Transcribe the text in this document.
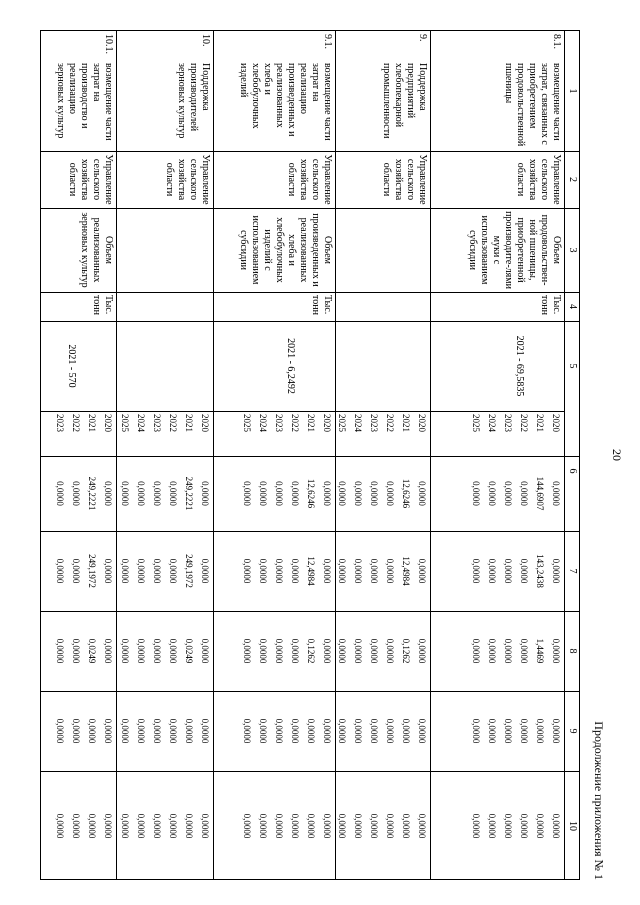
20
Продолжение приложения № 1
1
2
3
4
5
6
7
8
9
10
8.1.
возмещение части затрат, связанных с приобретением продовольственной пшеницы
Управление сельского хозяйства области
Объем продовольствен-ной пшеницы, приобретенной производите-лями муки с использованием субсидии
Тыс. тонн
2021 - 69,5835
2020
0,0000
0,0000
0,0000
0,0000
0,0000
2021
144,6907
143,2438
1,4469
0,0000
0,0000
2022
0,0000
0,0000
0,0000
0,0000
0,0000
2023
0,0000
0,0000
0,0000
0,0000
0,0000
2024
0,0000
0,0000
0,0000
0,0000
0,0000
2025
0,0000
0,0000
0,0000
0,0000
0,0000
9.
Поддержка предприятий хлебопекарной промышленности
Управление сельского хозяйства области
2020
0,0000
0,0000
0,0000
0,0000
0,0000
2021
12,6246
12,4984
0,1262
0,0000
0,0000
2022
0,0000
0,0000
0,0000
0,0000
0,0000
2023
0,0000
0,0000
0,0000
0,0000
0,0000
2024
0,0000
0,0000
0,0000
0,0000
0,0000
2025
0,0000
0,0000
0,0000
0,0000
0,0000
9.1.
возмещение части затрат на реализацию произведенных и реализованных хлеба и хлебобулочных изделий
Управление сельского хозяйства области
Объем произведенных и реализованных хлеба и хлебобулочных изделий с использованием субсидии
Тыс. тонн
2021 - 6,2492
2020
0,0000
0,0000
0,0000
0,0000
0,0000
2021
12,6246
12,4984
0,1262
0,0000
0,0000
2022
0,0000
0,0000
0,0000
0,0000
0,0000
2023
0,0000
0,0000
0,0000
0,0000
0,0000
2024
0,0000
0,0000
0,0000
0,0000
0,0000
2025
0,0000
0,0000
0,0000
0,0000
0,0000
10.
Поддержка производителей зерновых культур
Управление сельского хозяйства области
2020
0,0000
0,0000
0,0000
0,0000
0,0000
2021
249,2221
249,1972
0,0249
0,0000
0,0000
2022
0,0000
0,0000
0,0000
0,0000
0,0000
2023
0,0000
0,0000
0,0000
0,0000
0,0000
2024
0,0000
0,0000
0,0000
0,0000
0,0000
2025
0,0000
0,0000
0,0000
0,0000
0,0000
10.1.
возмещение части затрат на производство и реализацию зерновых культур
Управление сельского хозяйства области
Объем реализованных зерновых культур
Тыс. тонн
2021 - 570
2020
0,0000
0,0000
0,0000
0,0000
0,0000
2021
249,2221
249,1972
0,0249
0,0000
0,0000
2022
0,0000
0,0000
0,0000
0,0000
0,0000
2023
0,0000
0,0000
0,0000
0,0000
0,0000
